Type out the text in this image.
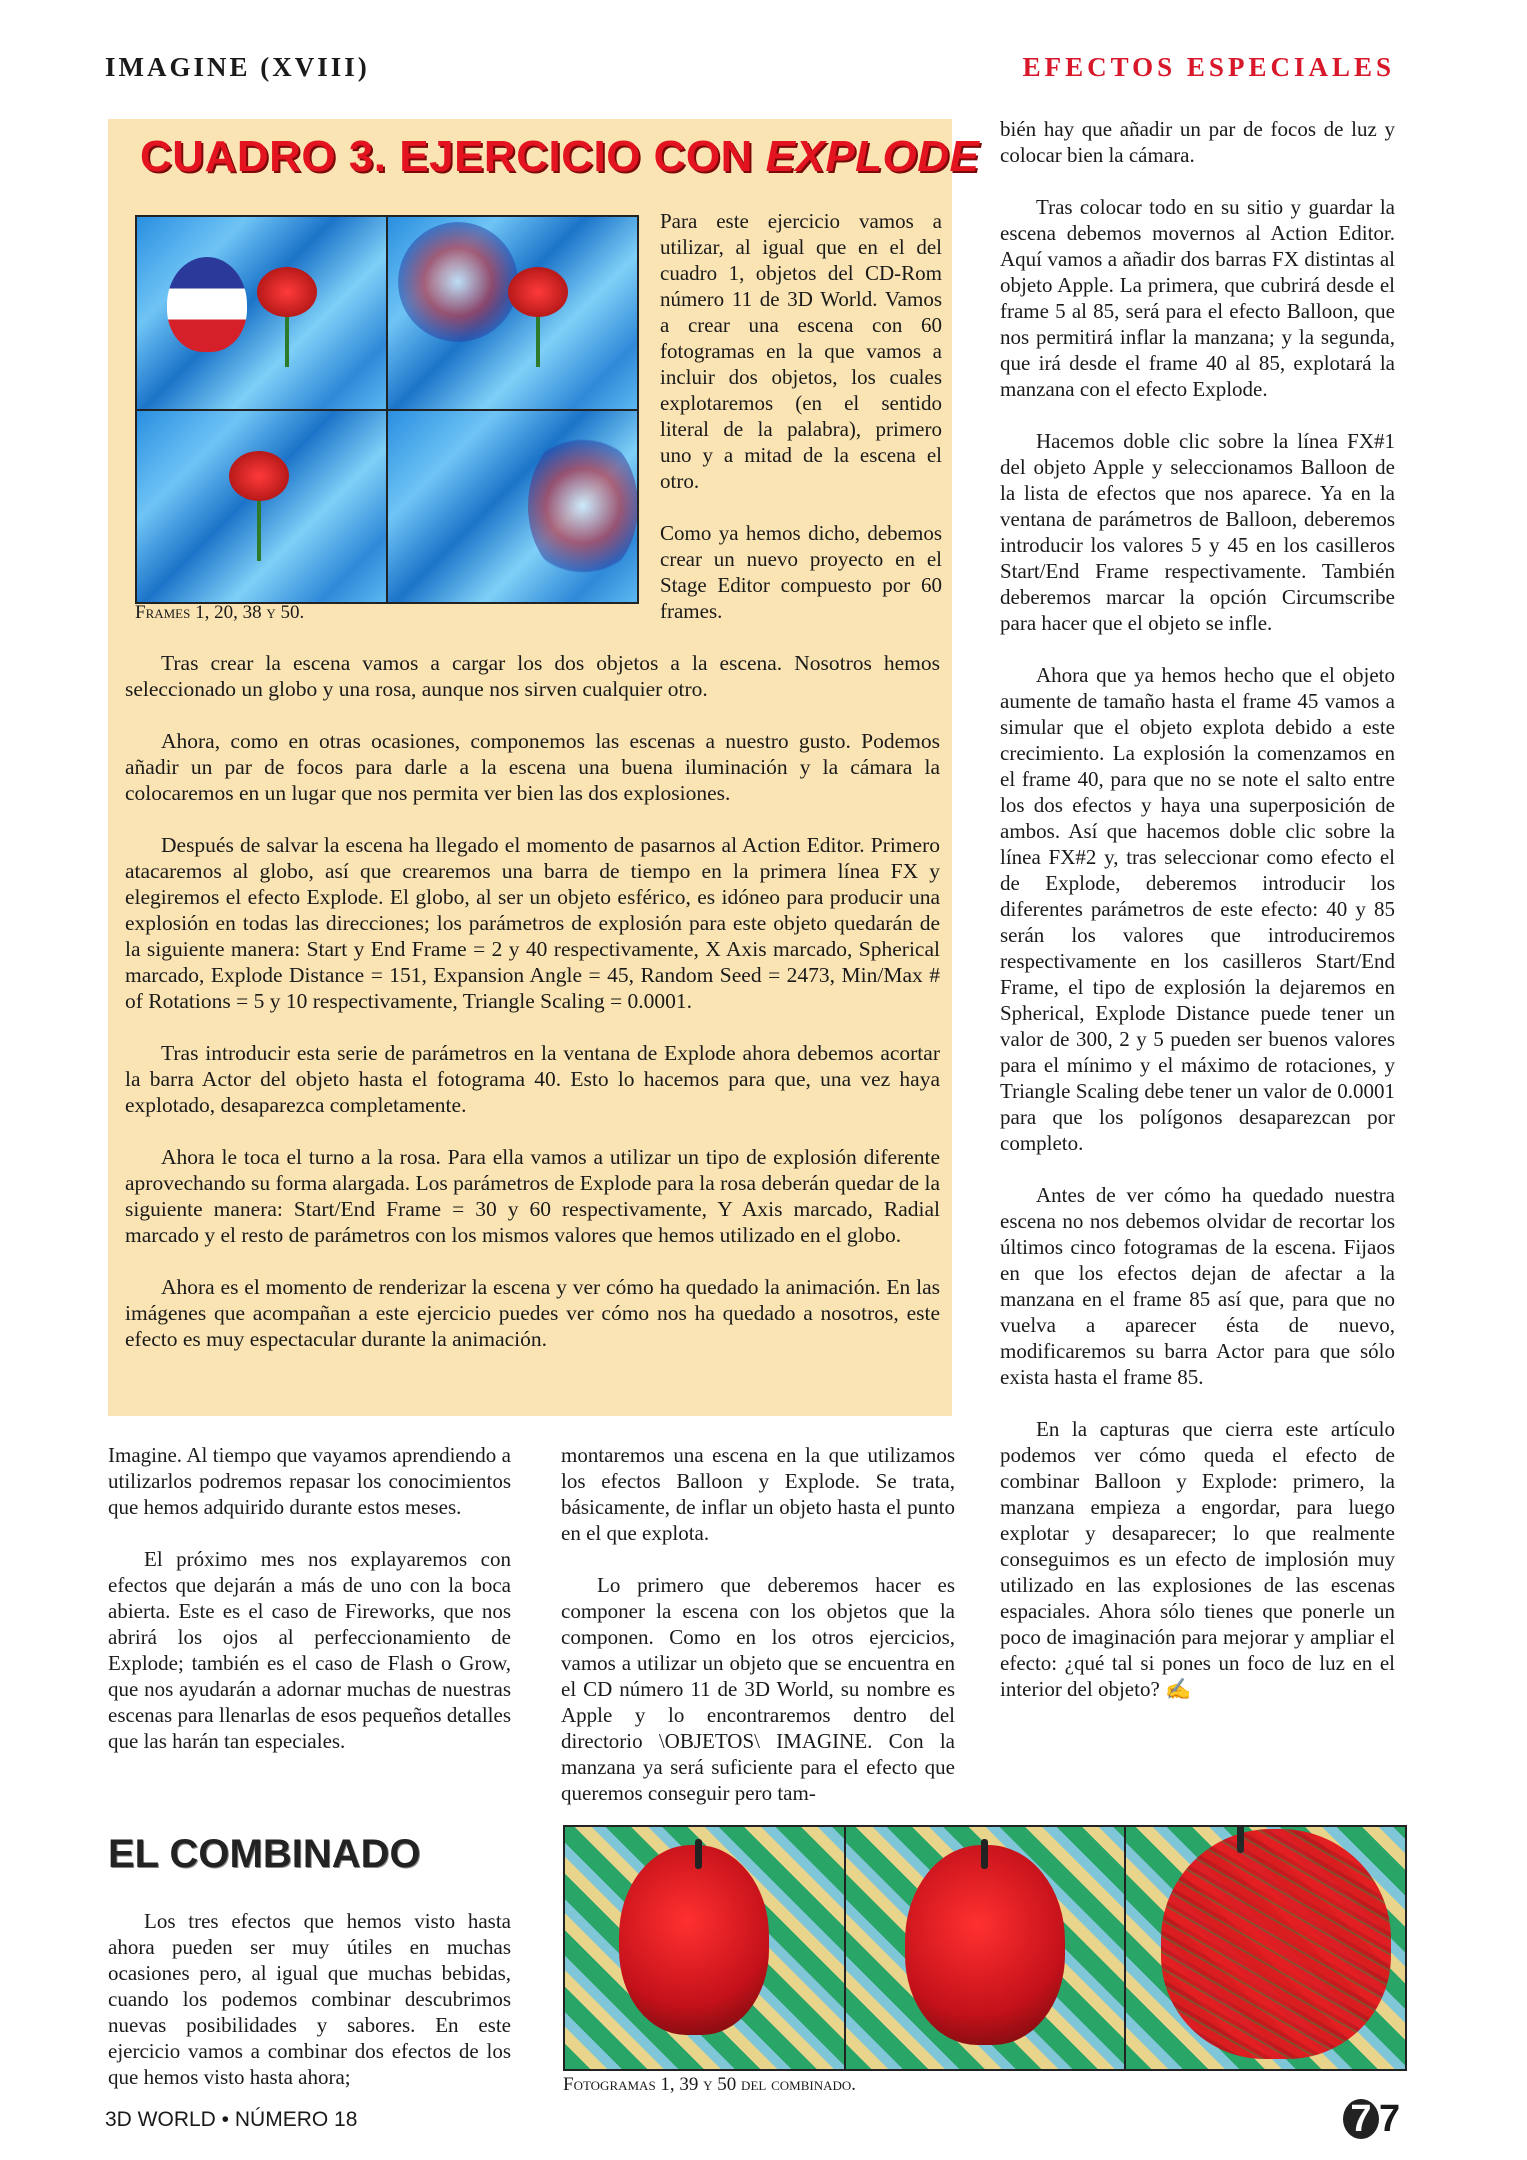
IMAGINE (XVIII)	EFECTOS ESPECIALES
CUADRO 3. EJERCICIO CON EXPLODE
Frames 1, 20, 38 y 50.

Para este ejercicio vamos a utilizar, al igual que en el del cuadro 1, objetos del CD-Rom número 11 de 3D World. Vamos a crear una escena con 60 fotogramas en la que vamos a incluir dos objetos, los cuales explotaremos (en el sentido literal de la palabra), primero uno y a mitad de la escena el otro.

Como ya hemos dicho, debemos crear un nuevo proyecto en el Stage Editor compuesto por 60 frames.

Tras crear la escena vamos a cargar los dos objetos a la escena. Nosotros hemos seleccionado un globo y una rosa, aunque nos sirven cualquier otro.

Ahora, como en otras ocasiones, componemos las escenas a nuestro gusto. Podemos añadir un par de focos para darle a la escena una buena iluminación y la cámara la colocaremos en un lugar que nos permita ver bien las dos explosiones.

Después de salvar la escena ha llegado el momento de pasarnos al Action Editor. Primero atacaremos al globo, así que crearemos una barra de tiempo en la primera línea FX y elegiremos el efecto Explode. El globo, al ser un objeto esférico, es idóneo para producir una explosión en todas las direcciones; los parámetros de explosión para este objeto quedarán de la siguiente manera: Start y End Frame = 2 y 40 respectivamente, X Axis marcado, Spherical marcado, Explode Distance = 151, Expansion Angle = 45, Random Seed = 2473, Min/Max # of Rotations = 5 y 10 respectivamente, Triangle Scaling = 0.0001.

Tras introducir esta serie de parámetros en la ventana de Explode ahora debemos acortar la barra Actor del objeto hasta el fotograma 40. Esto lo hacemos para que, una vez haya explotado, desaparezca completamente.

Ahora le toca el turno a la rosa. Para ella vamos a utilizar un tipo de explosión diferente aprovechando su forma alargada. Los parámetros de Explode para la rosa deberán quedar de la siguiente manera: Start/End Frame = 30 y 60 respectivamente, Y Axis marcado, Radial marcado y el resto de parámetros con los mismos valores que hemos utilizado en el globo.

Ahora es el momento de renderizar la escena y ver cómo ha quedado la animación. En las imágenes que acompañan a este ejercicio puedes ver cómo nos ha quedado a nosotros, este efecto es muy espectacular durante la animación.

bién hay que añadir un par de focos de luz y colocar bien la cámara.

Tras colocar todo en su sitio y guardar la escena debemos movernos al Action Editor. Aquí vamos a añadir dos barras FX distintas al objeto Apple. La primera, que cubrirá desde el frame 5 al 85, será para el efecto Balloon, que nos permitirá inflar la manzana; y la segunda, que irá desde el frame 40 al 85, explotará la manzana con el efecto Explode.

Hacemos doble clic sobre la línea FX#1 del objeto Apple y seleccionamos Balloon de la lista de efectos que nos aparece. Ya en la ventana de parámetros de Balloon, deberemos introducir los valores 5 y 45 en los casilleros Start/End Frame respectivamente. También deberemos marcar la opción Circumscribe para hacer que el objeto se infle.

Ahora que ya hemos hecho que el objeto aumente de tamaño hasta el frame 45 vamos a simular que el objeto explota debido a este crecimiento. La explosión la comenzamos en el frame 40, para que no se note el salto entre los dos efectos y haya una superposición de ambos. Así que hacemos doble clic sobre la línea FX#2 y, tras seleccionar como efecto el de Explode, deberemos introducir los diferentes parámetros de este efecto: 40 y 85 serán los valores que introduciremos respectivamente en los casilleros Start/End Frame, el tipo de explosión la dejaremos en Spherical, Explode Distance puede tener un valor de 300, 2 y 5 pueden ser buenos valores para el mínimo y el máximo de rotaciones, y Triangle Scaling debe tener un valor de 0.0001 para que los polígonos desaparezcan por completo.

Antes de ver cómo ha quedado nuestra escena no nos debemos olvidar de recortar los últimos cinco fotogramas de la escena. Fijaos en que los efectos dejan de afectar a la manzana en el frame 85 así que, para que no vuelva a aparecer ésta de nuevo, modificaremos su barra Actor para que sólo exista hasta el frame 85.

En la capturas que cierra este artículo podemos ver cómo queda el efecto de combinar Balloon y Explode: primero, la manzana empieza a engordar, para luego explotar y desaparecer; lo que realmente conseguimos es un efecto de implosión muy utilizado en las explosiones de las escenas espaciales. Ahora sólo tienes que ponerle un poco de imaginación para mejorar y ampliar el efecto: ¿qué tal si pones un foco de luz en el interior del objeto? ✍

Imagine. Al tiempo que vayamos aprendiendo a utilizarlos podremos repasar los conocimientos que hemos adquirido durante estos meses.

El próximo mes nos explayaremos con efectos que dejarán a más de uno con la boca abierta. Este es el caso de Fireworks, que nos abrirá los ojos al perfeccionamiento de Explode; también es el caso de Flash o Grow, que nos ayudarán a adornar muchas de nuestras escenas para llenarlas de esos pequeños detalles que las harán tan especiales.

EL COMBINADO

Los tres efectos que hemos visto hasta ahora pueden ser muy útiles en muchas ocasiones pero, al igual que muchas bebidas, cuando los podemos combinar descubrimos nuevas posibilidades y sabores. En este ejercicio vamos a combinar dos efectos de los que hemos visto hasta ahora;

montaremos una escena en la que utilizamos los efectos Balloon y Explode. Se trata, básicamente, de inflar un objeto hasta el punto en el que explota.

Lo primero que deberemos hacer es componer la escena con los objetos que la componen. Como en los otros ejercicios, vamos a utilizar un objeto que se encuentra en el CD número 11 de 3D World, su nombre es Apple y lo encontraremos dentro del directorio \OBJETOS\ IMAGINE. Con la manzana ya será suficiente para el efecto que queremos conseguir pero tam-

Fotogramas 1, 39 y 50 del combinado.
3D WORLD • NÚMERO 18	7 7
